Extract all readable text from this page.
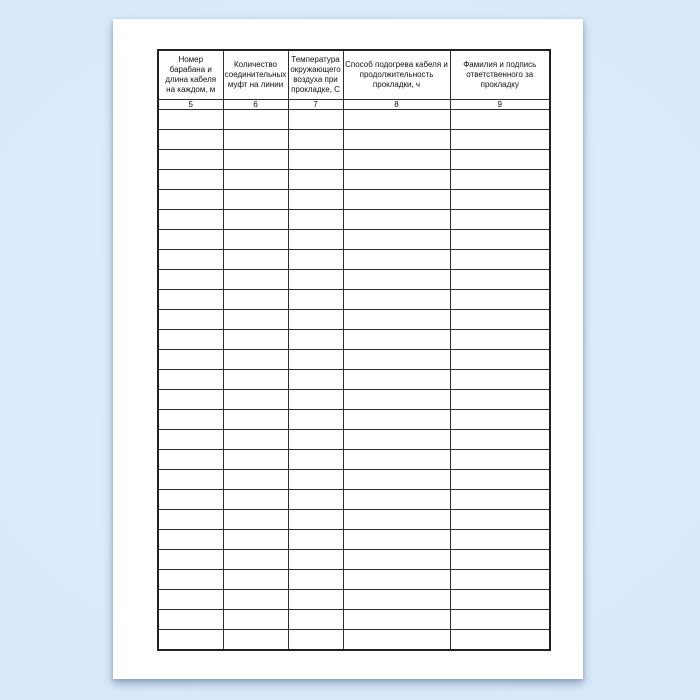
Номер барабана и длина кабеля на каждом, м	Количество соединительных муфт на линии	Температура окружающего воздуха при прокладке, С	Способ подогрева кабеля и продолжительность прокладки, ч	Фамилия и подпись ответственного за прокладку
5	6	7	8	9
